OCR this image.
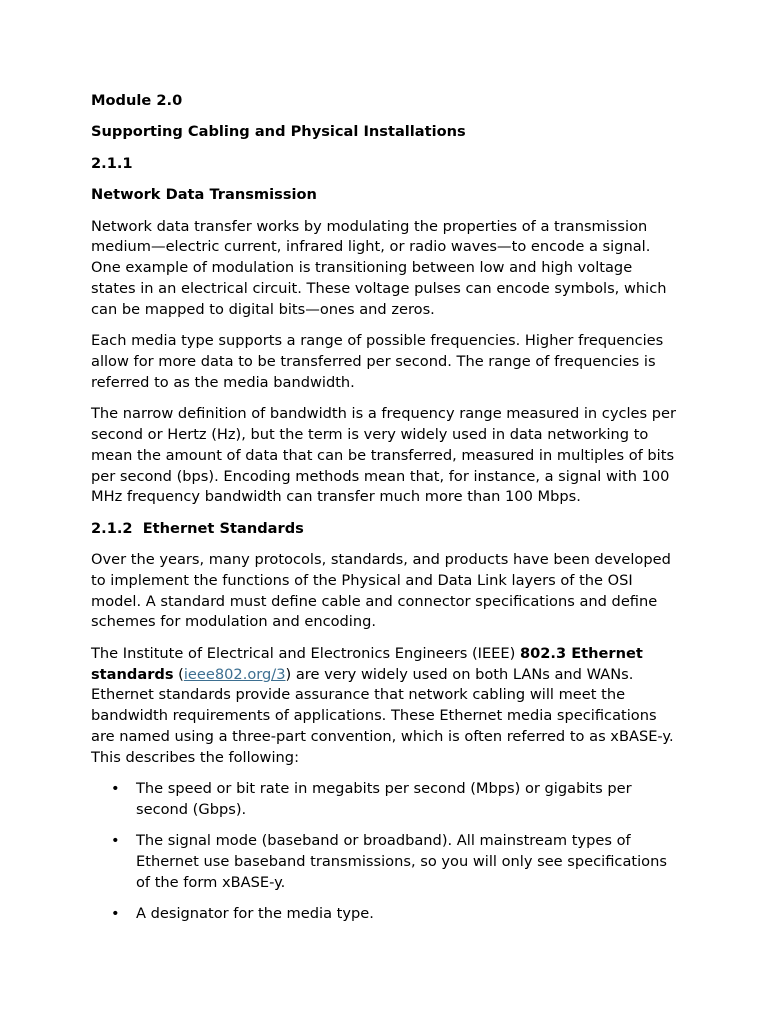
Module 2.0
Supporting Cabling and Physical Installations
2.1.1
Network Data Transmission

Network data transfer works by modulating the properties of a transmission medium—electric current, infrared light, or radio waves—to encode a signal. One example of modulation is transitioning between low and high voltage states in an electrical circuit. These voltage pulses can encode symbols, which can be mapped to digital bits—ones and zeros.

Each media type supports a range of possible frequencies. Higher frequencies allow for more data to be transferred per second. The range of frequencies is referred to as the media bandwidth.

The narrow definition of bandwidth is a frequency range measured in cycles per second or Hertz (Hz), but the term is very widely used in data networking to mean the amount of data that can be transferred, measured in multiples of bits per second (bps). Encoding methods mean that, for instance, a signal with 100 MHz frequency bandwidth can transfer much more than 100 Mbps.

2.1.2  Ethernet Standards

Over the years, many protocols, standards, and products have been developed to implement the functions of the Physical and Data Link layers of the OSI model. A standard must define cable and connector specifications and define schemes for modulation and encoding.

The Institute of Electrical and Electronics Engineers (IEEE) 802.3 Ethernet standards (ieee802.org/3) are very widely used on both LANs and WANs. Ethernet standards provide assurance that network cabling will meet the bandwidth requirements of applications. These Ethernet media specifications are named using a three-part convention, which is often referred to as xBASE-y. This describes the following:

• The speed or bit rate in megabits per second (Mbps) or gigabits per second (Gbps).
• The signal mode (baseband or broadband). All mainstream types of Ethernet use baseband transmissions, so you will only see specifications of the form xBASE-y.
• A designator for the media type.
